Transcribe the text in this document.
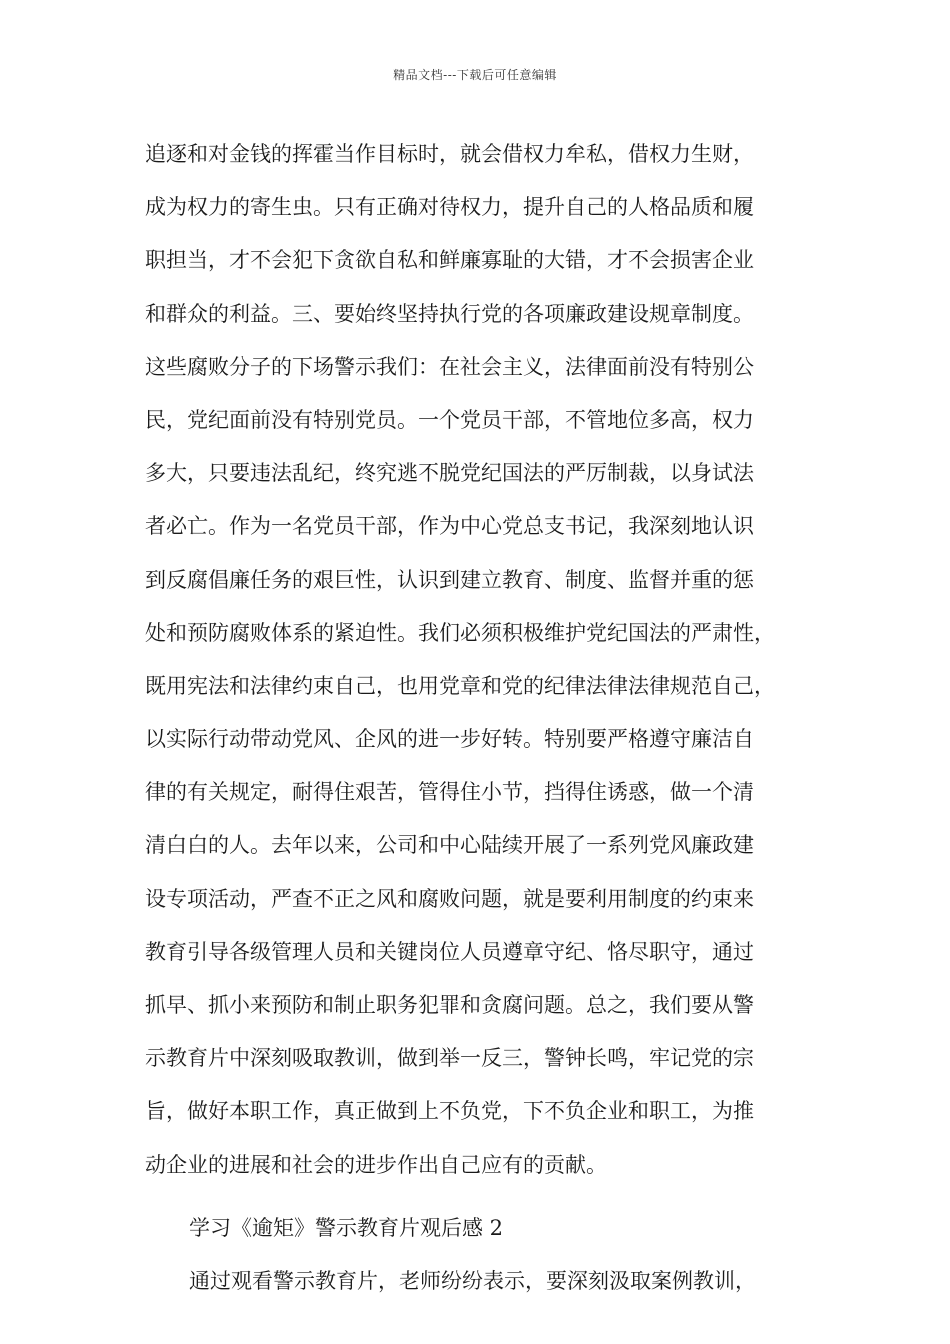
精品文档---下载后可任意编辑
追逐和对金钱的挥霍当作目标时，就会借权力牟私，借权力生财，
成为权力的寄生虫。只有正确对待权力，提升自己的人格品质和履
职担当，才不会犯下贪欲自私和鲜廉寡耻的大错，才不会损害企业
和群众的利益。三、要始终坚持执行党的各项廉政建设规章制度。
这些腐败分子的下场警示我们：在社会主义，法律面前没有特别公
民，党纪面前没有特别党员。一个党员干部，不管地位多高，权力
多大，只要违法乱纪，终究逃不脱党纪国法的严厉制裁，以身试法
者必亡。作为一名党员干部，作为中心党总支书记，我深刻地认识
到反腐倡廉任务的艰巨性，认识到建立教育、制度、监督并重的惩
处和预防腐败体系的紧迫性。我们必须积极维护党纪国法的严肃性，
既用宪法和法律约束自己，也用党章和党的纪律法律法律规范自己，
以实际行动带动党风、企风的进一步好转。特别要严格遵守廉洁自
律的有关规定，耐得住艰苦，管得住小节，挡得住诱惑，做一个清
清白白的人。去年以来，公司和中心陆续开展了一系列党风廉政建
设专项活动，严查不正之风和腐败问题，就是要利用制度的约束来
教育引导各级管理人员和关键岗位人员遵章守纪、恪尽职守，通过
抓早、抓小来预防和制止职务犯罪和贪腐问题。总之，我们要从警
示教育片中深刻吸取教训，做到举一反三，警钟长鸣，牢记党的宗
旨，做好本职工作，真正做到上不负党，下不负企业和职工，为推
动企业的进展和社会的进步作出自己应有的贡献。
学习《逾矩》警示教育片观后感 2
通过观看警示教育片，老师纷纷表示，要深刻汲取案例教训，
